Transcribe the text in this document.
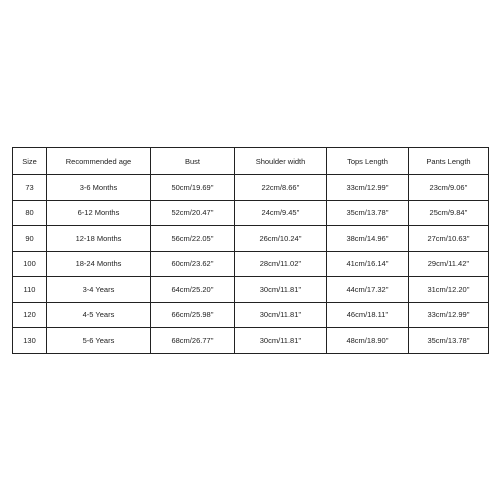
Size	Recommended age	Bust	Shoulder width	Tops Length	Pants Length
73	3-6 Months	50cm/19.69''	22cm/8.66''	33cm/12.99''	23cm/9.06''
80	6-12 Months	52cm/20.47''	24cm/9.45''	35cm/13.78''	25cm/9.84''
90	12-18 Months	56cm/22.05''	26cm/10.24''	38cm/14.96''	27cm/10.63''
100	18-24 Months	60cm/23.62''	28cm/11.02''	41cm/16.14''	29cm/11.42''
110	3-4 Years	64cm/25.20''	30cm/11.81''	44cm/17.32''	31cm/12.20''
120	4-5 Years	66cm/25.98''	30cm/11.81''	46cm/18.11''	33cm/12.99''
130	5-6 Years	68cm/26.77''	30cm/11.81''	48cm/18.90''	35cm/13.78''
